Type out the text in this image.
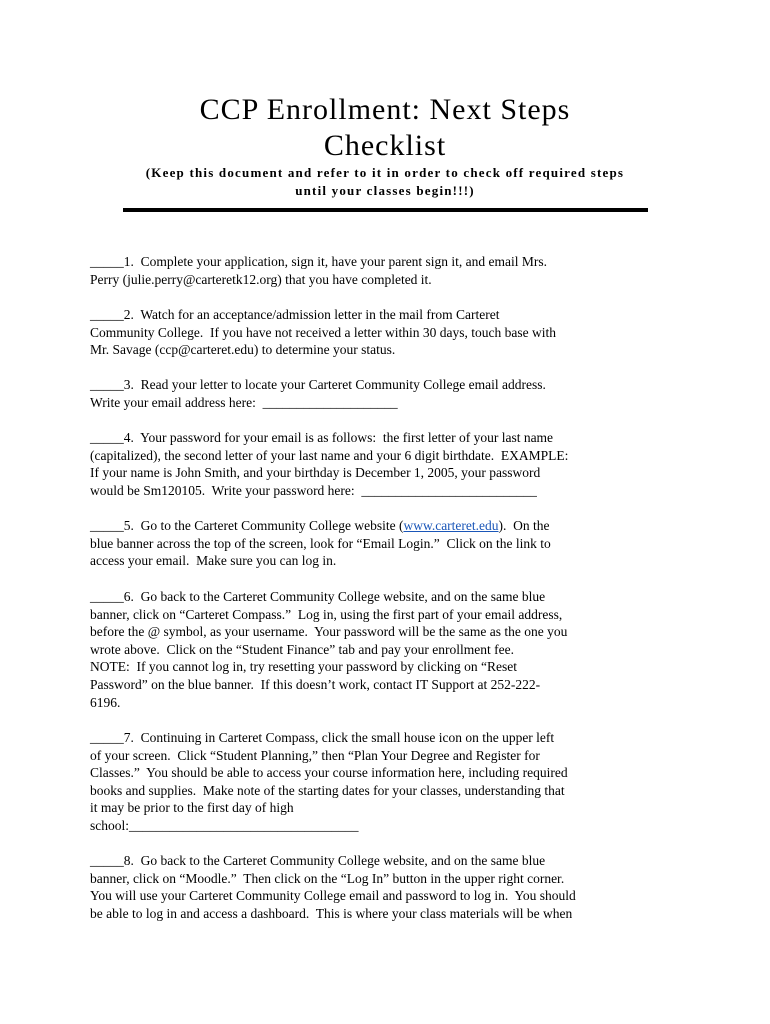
CCP Enrollment: Next Steps
Checklist

(Keep this document and refer to it in order to check off required steps
until your classes begin!!!)

_____1.  Complete your application, sign it, have your parent sign it, and email Mrs.
Perry (julie.perry@carteretk12.org) that you have completed it.

_____2.  Watch for an acceptance/admission letter in the mail from Carteret
Community College.  If you have not received a letter within 30 days, touch base with
Mr. Savage (ccp@carteret.edu) to determine your status.

_____3.  Read your letter to locate your Carteret Community College email address.
Write your email address here:  ____________________

_____4.  Your password for your email is as follows:  the first letter of your last name
(capitalized), the second letter of your last name and your 6 digit birthdate.  EXAMPLE:
If your name is John Smith, and your birthday is December 1, 2005, your password
would be Sm120105.  Write your password here:  __________________________

_____5.  Go to the Carteret Community College website (www.carteret.edu).  On the
blue banner across the top of the screen, look for “Email Login.”  Click on the link to
access your email.  Make sure you can log in.

_____6.  Go back to the Carteret Community College website, and on the same blue
banner, click on “Carteret Compass.”  Log in, using the first part of your email address,
before the @ symbol, as your username.  Your password will be the same as the one you
wrote above.  Click on the “Student Finance” tab and pay your enrollment fee.
NOTE:  If you cannot log in, try resetting your password by clicking on “Reset
Password” on the blue banner.  If this doesn’t work, contact IT Support at 252-222-
6196.

_____7.  Continuing in Carteret Compass, click the small house icon on the upper left
of your screen.  Click “Student Planning,” then “Plan Your Degree and Register for
Classes.”  You should be able to access your course information here, including required
books and supplies.  Make note of the starting dates for your classes, understanding that
it may be prior to the first day of high
school:__________________________________

_____8.  Go back to the Carteret Community College website, and on the same blue
banner, click on “Moodle.”  Then click on the “Log In” button in the upper right corner.
You will use your Carteret Community College email and password to log in.  You should
be able to log in and access a dashboard.  This is where your class materials will be when
